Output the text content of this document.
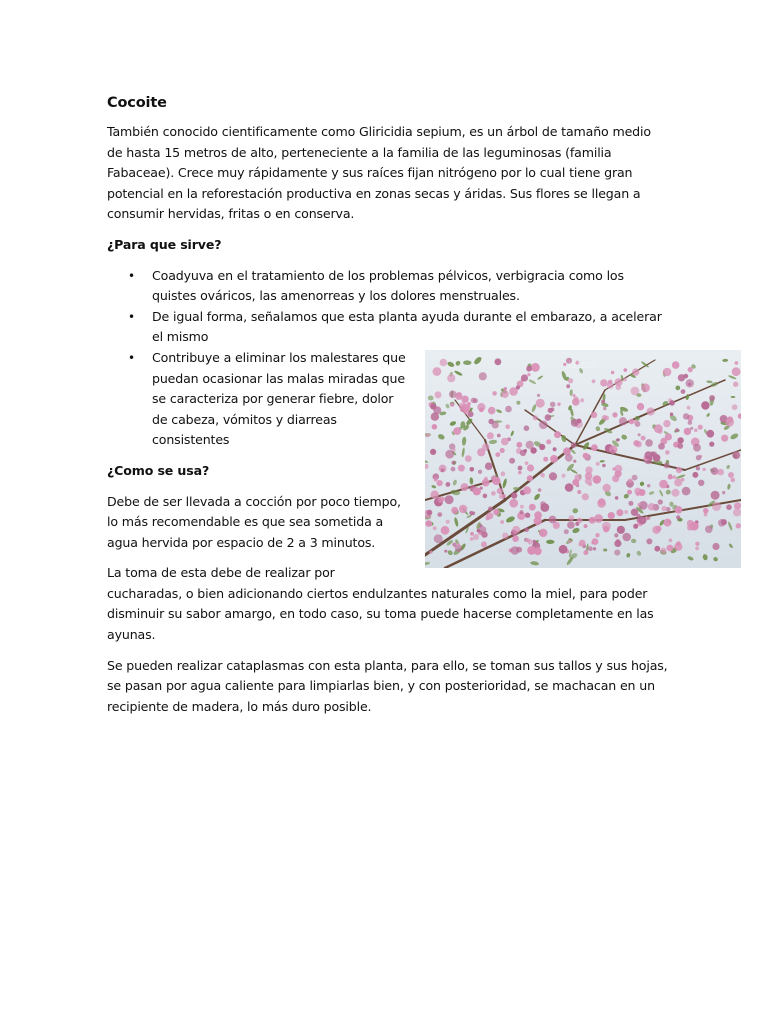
Cocoite

También conocido cientificamente como Gliricidia sepium, es un árbol de tamaño medio de hasta 15 metros de alto, perteneciente a la familia de las leguminosas (familia Fabaceae). Crece muy rápidamente y sus raíces fijan nitrógeno por lo cual tiene gran potencial en la reforestación productiva en zonas secas y áridas. Sus flores se llegan a consumir hervidas, fritas o en conserva.

¿Para que sirve?

• Coadyuva en el tratamiento de los problemas pélvicos, verbigracia como los quistes ováricos, las amenorreas y los dolores menstruales.
• De igual forma, señalamos que esta planta ayuda durante el embarazo, a acelerar el mismo
iStock
• Contribuye a eliminar los malestares que puedan ocasionar las malas miradas que se caracteriza por generar fiebre, dolor de cabeza, vómitos y diarreas consistentes

¿Como se usa?

Debe de ser llevada a cocción por poco tiempo, lo más recomendable es que sea sometida a agua hervida por espacio de 2 a 3 minutos.

La toma de esta debe de realizar por cucharadas, o bien adicionando ciertos endulzantes naturales como la miel, para poder disminuir su sabor amargo, en todo caso, su toma puede hacerse completamente en las ayunas.

Se pueden realizar cataplasmas con esta planta, para ello, se toman sus tallos y sus hojas, se pasan por agua caliente para limpiarlas bien, y con posterioridad, se machacan en un recipiente de madera, lo más duro posible.
